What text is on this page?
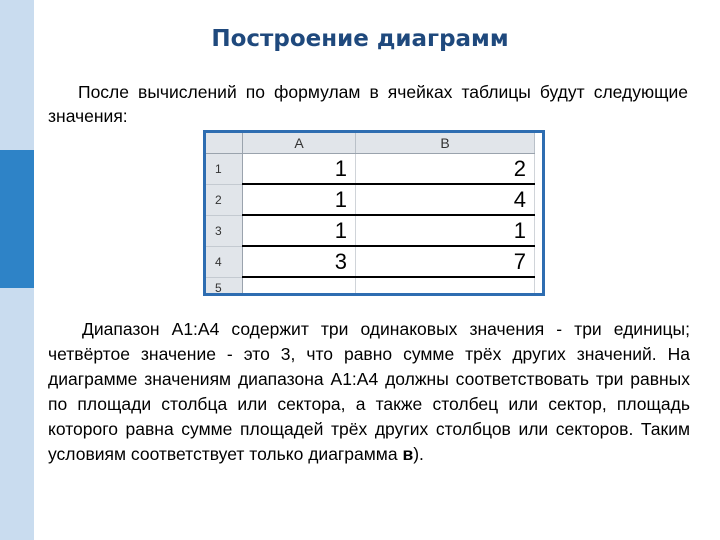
Построение диаграмм
После вычислений по формулам в ячейках таблицы будут следующие значения:
	A	B
1	1	2
2	1	4
3	1	1
4	3	7
5		
Диапазон А1:А4 содержит три одинаковых значения - три единицы; четвёртое значение - это 3, что равно сумме трёх других значений. На диаграмме значениям диапазона А1:А4 должны соответствовать три равных по площади столбца или сектора, а также столбец или сектор, площадь которого равна сумме площадей трёх других столбцов или секторов. Таким условиям соответствует только диаграмма в).
